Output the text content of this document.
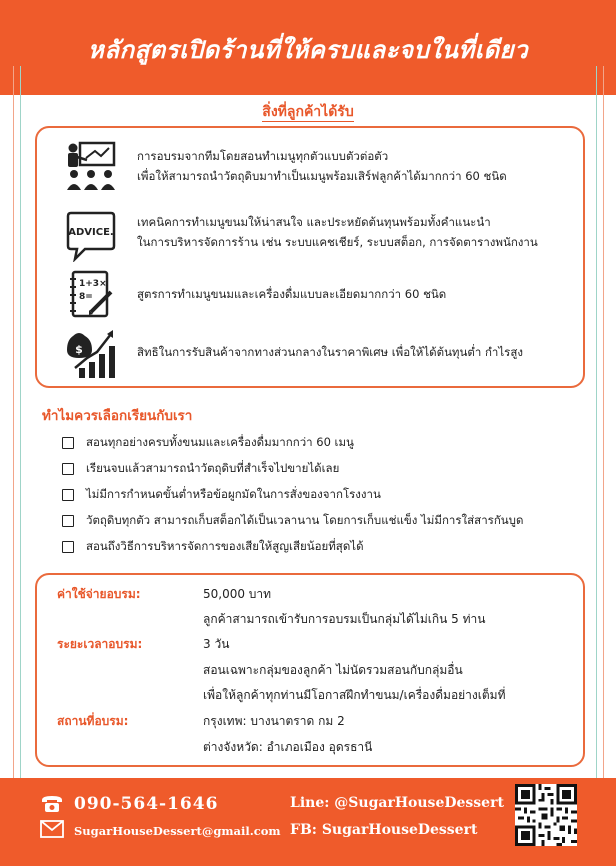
หลักสูตรเปิดร้านที่ให้ครบและจบในที่เดียว
สิ่งที่ลูกค้าได้รับ
การอบรมจากทีมโดยสอนทำเมนูทุกตัวแบบตัวต่อตัว
เพื่อให้สามารถนำวัตถุดิบมาทำเป็นเมนูพร้อมเสิร์ฟลูกค้าได้มากกว่า 60 ชนิด
ADVICE.
เทคนิคการทำเมนูขนมให้น่าสนใจ และประหยัดต้นทุนพร้อมทั้งคำแนะนำ
ในการบริหารจัดการร้าน เช่น ระบบแคชเชียร์, ระบบสต็อก, การจัดตารางพนักงาน
1+3×
8=	สูตรการทำเมนูขนมและเครื่องดื่มแบบละเอียดมากกว่า 60 ชนิด
$	สิทธิในการรับสินค้าจากทางส่วนกลางในราคาพิเศษ เพื่อให้ได้ต้นทุนต่ำ กำไรสูง
ทำไมควรเลือกเรียนกับเรา
สอนทุกอย่างครบทั้งขนมและเครื่องดื่มมากกว่า 60 เมนู
เรียนจบแล้วสามารถนำวัตถุดิบที่สำเร็จไปขายได้เลย
ไม่มีการกำหนดขั้นต่ำหรือข้อผูกมัดในการสั่งของจากโรงงาน
วัตถุดิบทุกตัว สามารถเก็บสต็อกได้เป็นเวลานาน โดยการเก็บแช่แข็ง ไม่มีการใส่สารกันบูด
สอนถึงวิธีการบริหารจัดการของเสียให้สูญเสียน้อยที่สุดได้
ค่าใช้จ่ายอบรม:	50,000 บาท
ลูกค้าสามารถเข้ารับการอบรมเป็นกลุ่มได้ไม่เกิน 5 ท่าน
ระยะเวลาอบรม:	3 วัน
สอนเฉพาะกลุ่มของลูกค้า ไม่นัดรวมสอนกับกลุ่มอื่น
เพื่อให้ลูกค้าทุกท่านมีโอกาสฝึกทำขนม/เครื่องดื่มอย่างเต็มที่
สถานที่อบรม:	กรุงเทพ: บางนาตราด กม 2
ต่างจังหวัด: อำเภอเมือง อุดรธานี
090-564-1646
SugarHouseDessert@gmail.com
Line: @SugarHouseDessert
FB: SugarHouseDessert
